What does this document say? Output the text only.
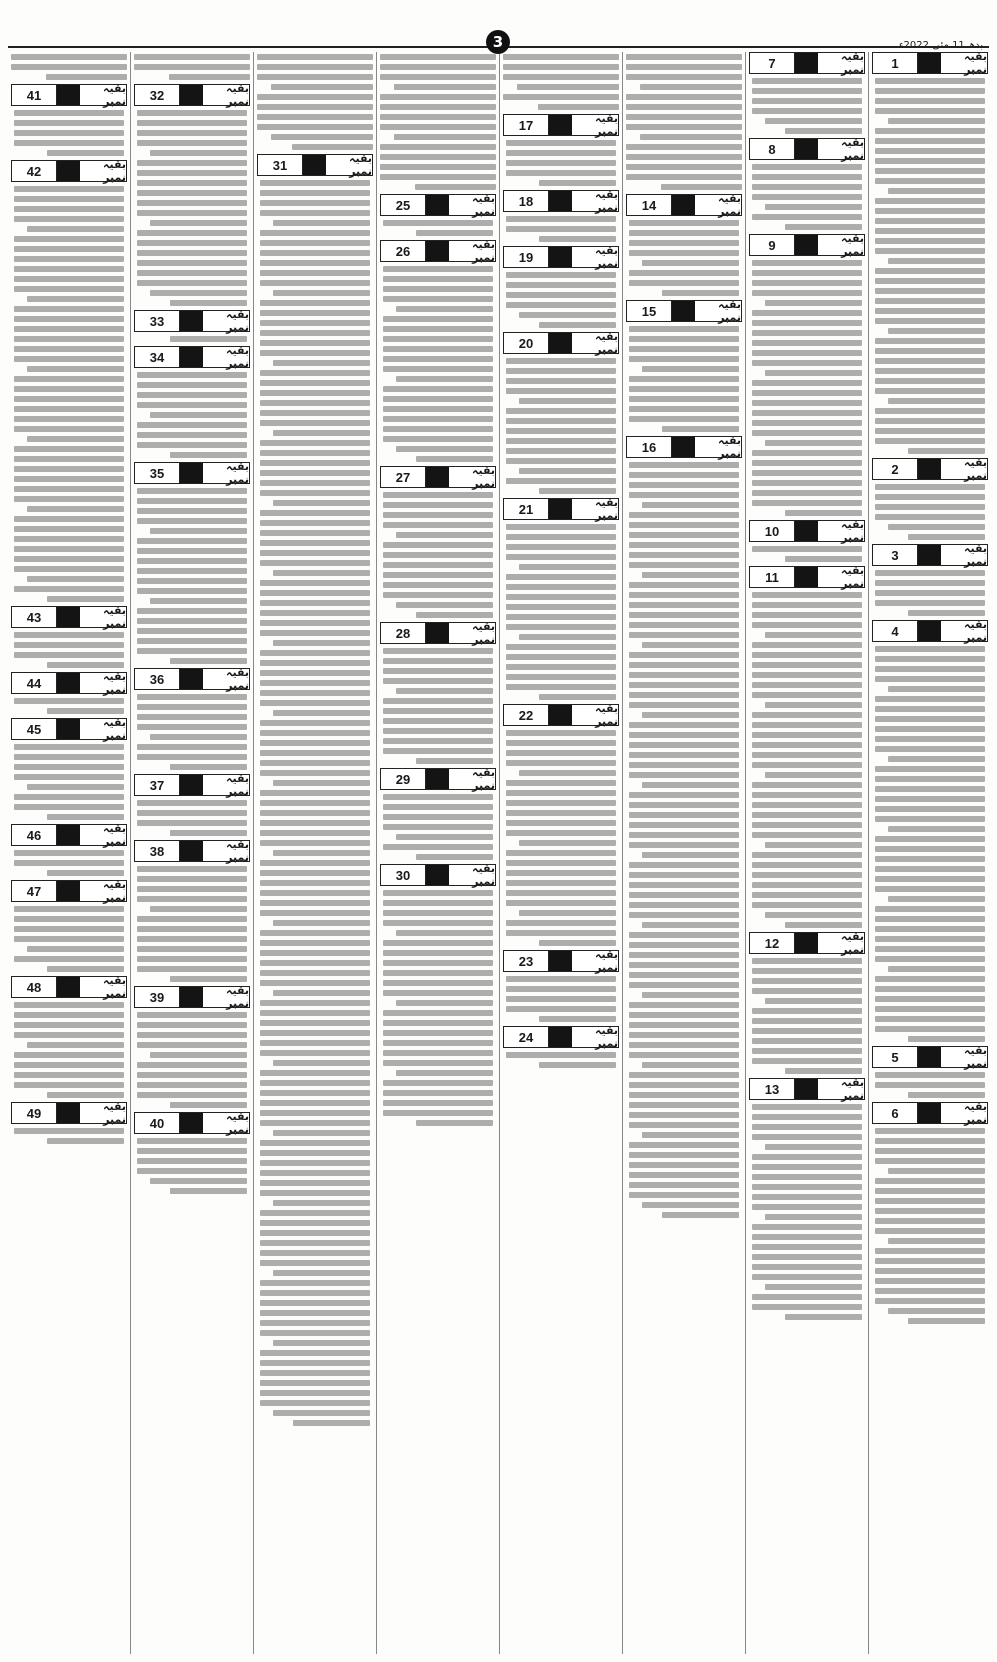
3
1	بقیہ نمبر
2	بقیہ نمبر
3	بقیہ نمبر
4	بقیہ نمبر
5	بقیہ نمبر
6	بقیہ نمبر
7	بقیہ نمبر
8	بقیہ نمبر
9	بقیہ نمبر
10	بقیہ نمبر
11	بقیہ نمبر
12	بقیہ نمبر
13	بقیہ نمبر
14	بقیہ نمبر
15	بقیہ نمبر
16	بقیہ نمبر
17	بقیہ نمبر
18	بقیہ نمبر
19	بقیہ نمبر
20	بقیہ نمبر
21	بقیہ نمبر
22	بقیہ نمبر
23	بقیہ نمبر
24	بقیہ نمبر
25	بقیہ نمبر
26	بقیہ نمبر
27	بقیہ نمبر
28	بقیہ نمبر
29	بقیہ نمبر
30	بقیہ نمبر
31	بقیہ نمبر
32	بقیہ نمبر
33	بقیہ نمبر
34	بقیہ نمبر
35	بقیہ نمبر
36	بقیہ نمبر
37	بقیہ نمبر
38	بقیہ نمبر
39	بقیہ نمبر
40	بقیہ نمبر
41	بقیہ نمبر
42	بقیہ نمبر
43	بقیہ نمبر
44	بقیہ نمبر
45	بقیہ نمبر
46	بقیہ نمبر
47	بقیہ نمبر
48	بقیہ نمبر
49	بقیہ نمبر
